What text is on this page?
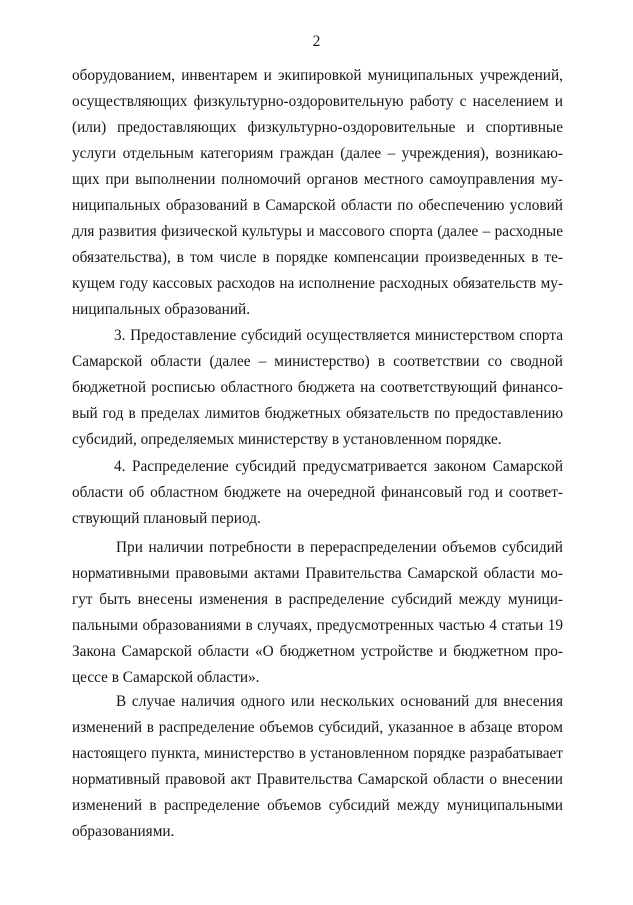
2
оборудованием, инвентарем и экипировкой муниципальных учреждений,
осуществляющих физкультурно-оздоровительную работу с населением и
(или) предоставляющих физкультурно-оздоровительные и спортивные
услуги отдельным категориям граждан (далее – учреждения), возникаю-
щих при выполнении полномочий органов местного самоуправления му-
ниципальных образований в Самарской области по обеспечению условий
для развития физической культуры и массового спорта (далее – расходные
обязательства), в том числе в порядке компенсации произведенных в те-
кущем году кассовых расходов на исполнение расходных обязательств му-
ниципальных образований.
3. Предоставление субсидий осуществляется министерством спорта
Самарской области (далее – министерство) в соответствии со сводной
бюджетной росписью областного бюджета на соответствующий финансо-
вый год в пределах лимитов бюджетных обязательств по предоставлению
субсидий, определяемых министерству в установленном порядке.
4. Распределение субсидий предусматривается законом Самарской
области об областном бюджете на очередной финансовый год и соответ-
ствующий плановый период.
При наличии потребности в перераспределении объемов субсидий
нормативными правовыми актами Правительства Самарской области мо-
гут быть внесены изменения в распределение субсидий между муници-
пальными образованиями в случаях, предусмотренных частью 4 статьи 19
Закона Самарской области «О бюджетном устройстве и бюджетном про-
цессе в Самарской области».
В случае наличия одного или нескольких оснований для внесения
изменений в распределение объемов субсидий, указанное в абзаце втором
настоящего пункта, министерство в установленном порядке разрабатывает
нормативный правовой акт Правительства Самарской области о внесении
изменений в распределение объемов субсидий между муниципальными
образованиями.
